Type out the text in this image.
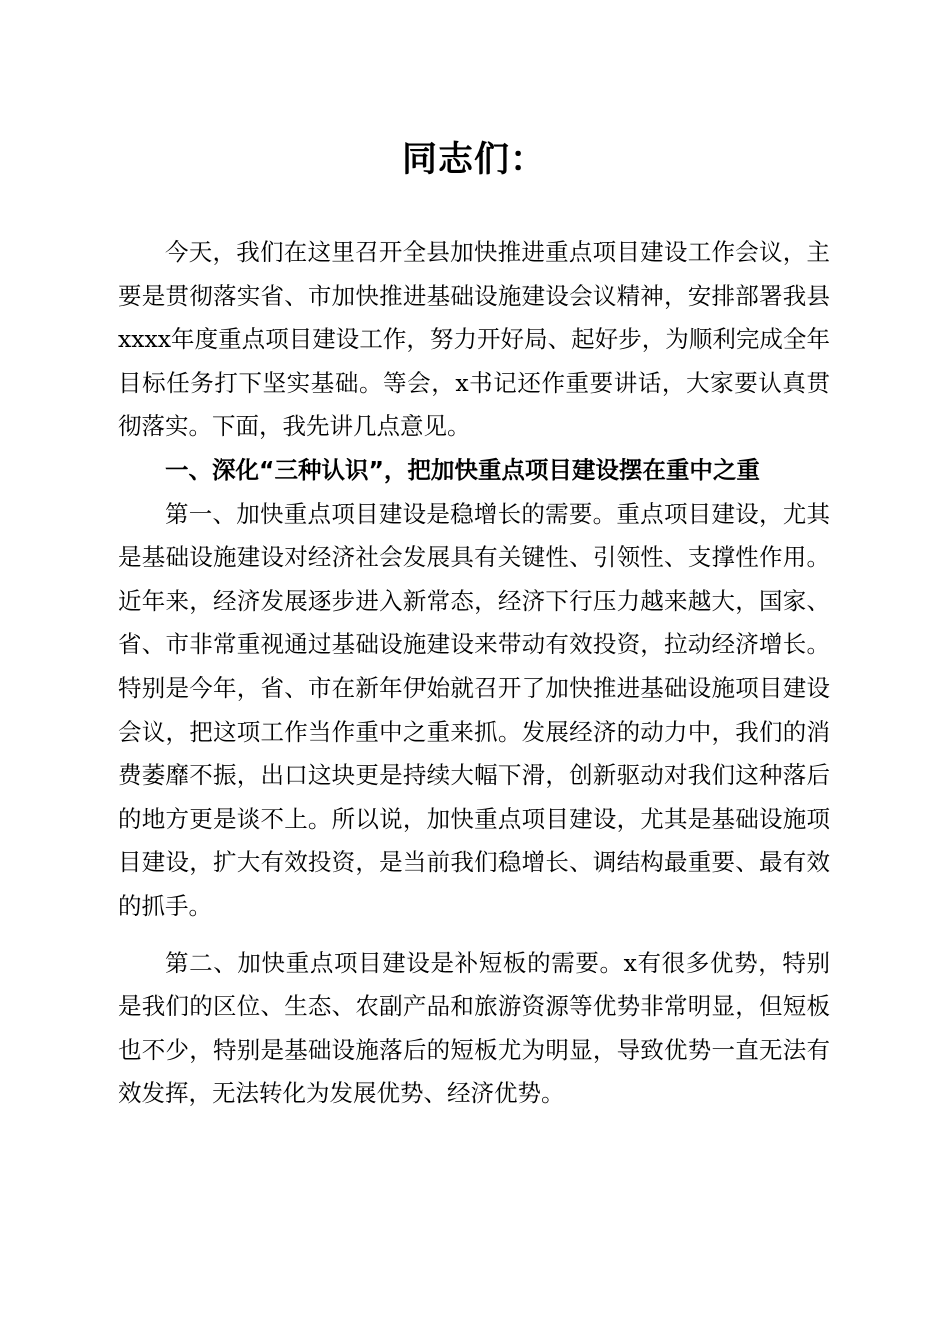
同志们：

今天，我们在这里召开全县加快推进重点项目建设工作会议，主要是贯彻落实省、市加快推进基础设施建设会议精神，安排部署我县xxxx年度重点项目建设工作，努力开好局、起好步，为顺利完成全年目标任务打下坚实基础。等会，x书记还作重要讲话，大家要认真贯彻落实。下面，我先讲几点意见。

一、深化“三种认识”，把加快重点项目建设摆在重中之重

第一、加快重点项目建设是稳增长的需要。重点项目建设，尤其是基础设施建设对经济社会发展具有关键性、引领性、支撑性作用。近年来，经济发展逐步进入新常态，经济下行压力越来越大，国家、省、市非常重视通过基础设施建设来带动有效投资，拉动经济增长。特别是今年，省、市在新年伊始就召开了加快推进基础设施项目建设会议，把这项工作当作重中之重来抓。发展经济的动力中，我们的消费萎靡不振，出口这块更是持续大幅下滑，创新驱动对我们这种落后的地方更是谈不上。所以说，加快重点项目建设，尤其是基础设施项目建设，扩大有效投资，是当前我们稳增长、调结构最重要、最有效的抓手。

第二、加快重点项目建设是补短板的需要。x有很多优势，特别是我们的区位、生态、农副产品和旅游资源等优势非常明显，但短板也不少，特别是基础设施落后的短板尤为明显，导致优势一直无法有效发挥，无法转化为发展优势、经济优势。
